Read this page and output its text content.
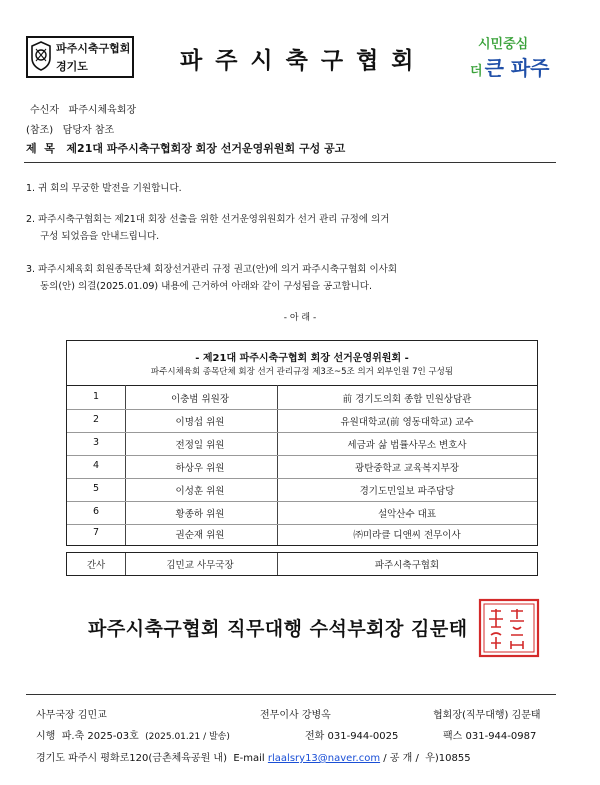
파주시축구협회
경기도	파주시축구협회
시민중심
더 큰 파주
수신자 파주시체육회장
(참조) 담당자 참조
제  목 제21대 파주시축구협회장 회장 선거운영위원회 구성 공고
1. 귀 회의 무궁한 발전을 기원합니다.
2. 파주시축구협회는 제21대 회장 선출을 위한 선거운영위원회가 선거 관리 규정에 의거
구성 되었음을 안내드립니다.
3. 파주시체육회 회원종목단체 회장선거관리 규정 권고(안)에 의거 파주시축구협회 이사회
동의(안) 의결(2025.01.09) 내용에 근거하여 아래와 같이 구성됨을 공고합니다.
- 아 래 -
- 제21대 파주시축구협회 회장 선거운영위원회 -
파주시체육회 종목단체 회장 선거 관리규정 제3조~5조 의거 외부인원 7인 구성됨
1	이충범 위원장	前 경기도의회 종합 민원상담관
2	이명섭 위원	유원대학교(前 영동대학교) 교수
3	전정일 위원	세금과 삶 법률사무소 변호사
4	하상우 위원	광탄중학교 교육복지부장
5	이성훈 위원	경기도민일보 파주담당
6	황종하 위원	설악산수 대표
7	권순재 위원	㈜미라클 디앤씨 전무이사
간사	김민교 사무국장	파주시축구협회
파주시축구협회 직무대행 수석부회장 김문태
사무국장 김민교	전무이사 강병옥	협회장(직무대행) 김문태
시행 파.축 2025-03호 (2025.01.21 / 발송)	전화 031-944-0025	팩스 031-944-0987
경기도 파주시 평화로120(금촌체육공원 내) E-mail rlaalsry13@naver.com / 공 개 / 우)10855
